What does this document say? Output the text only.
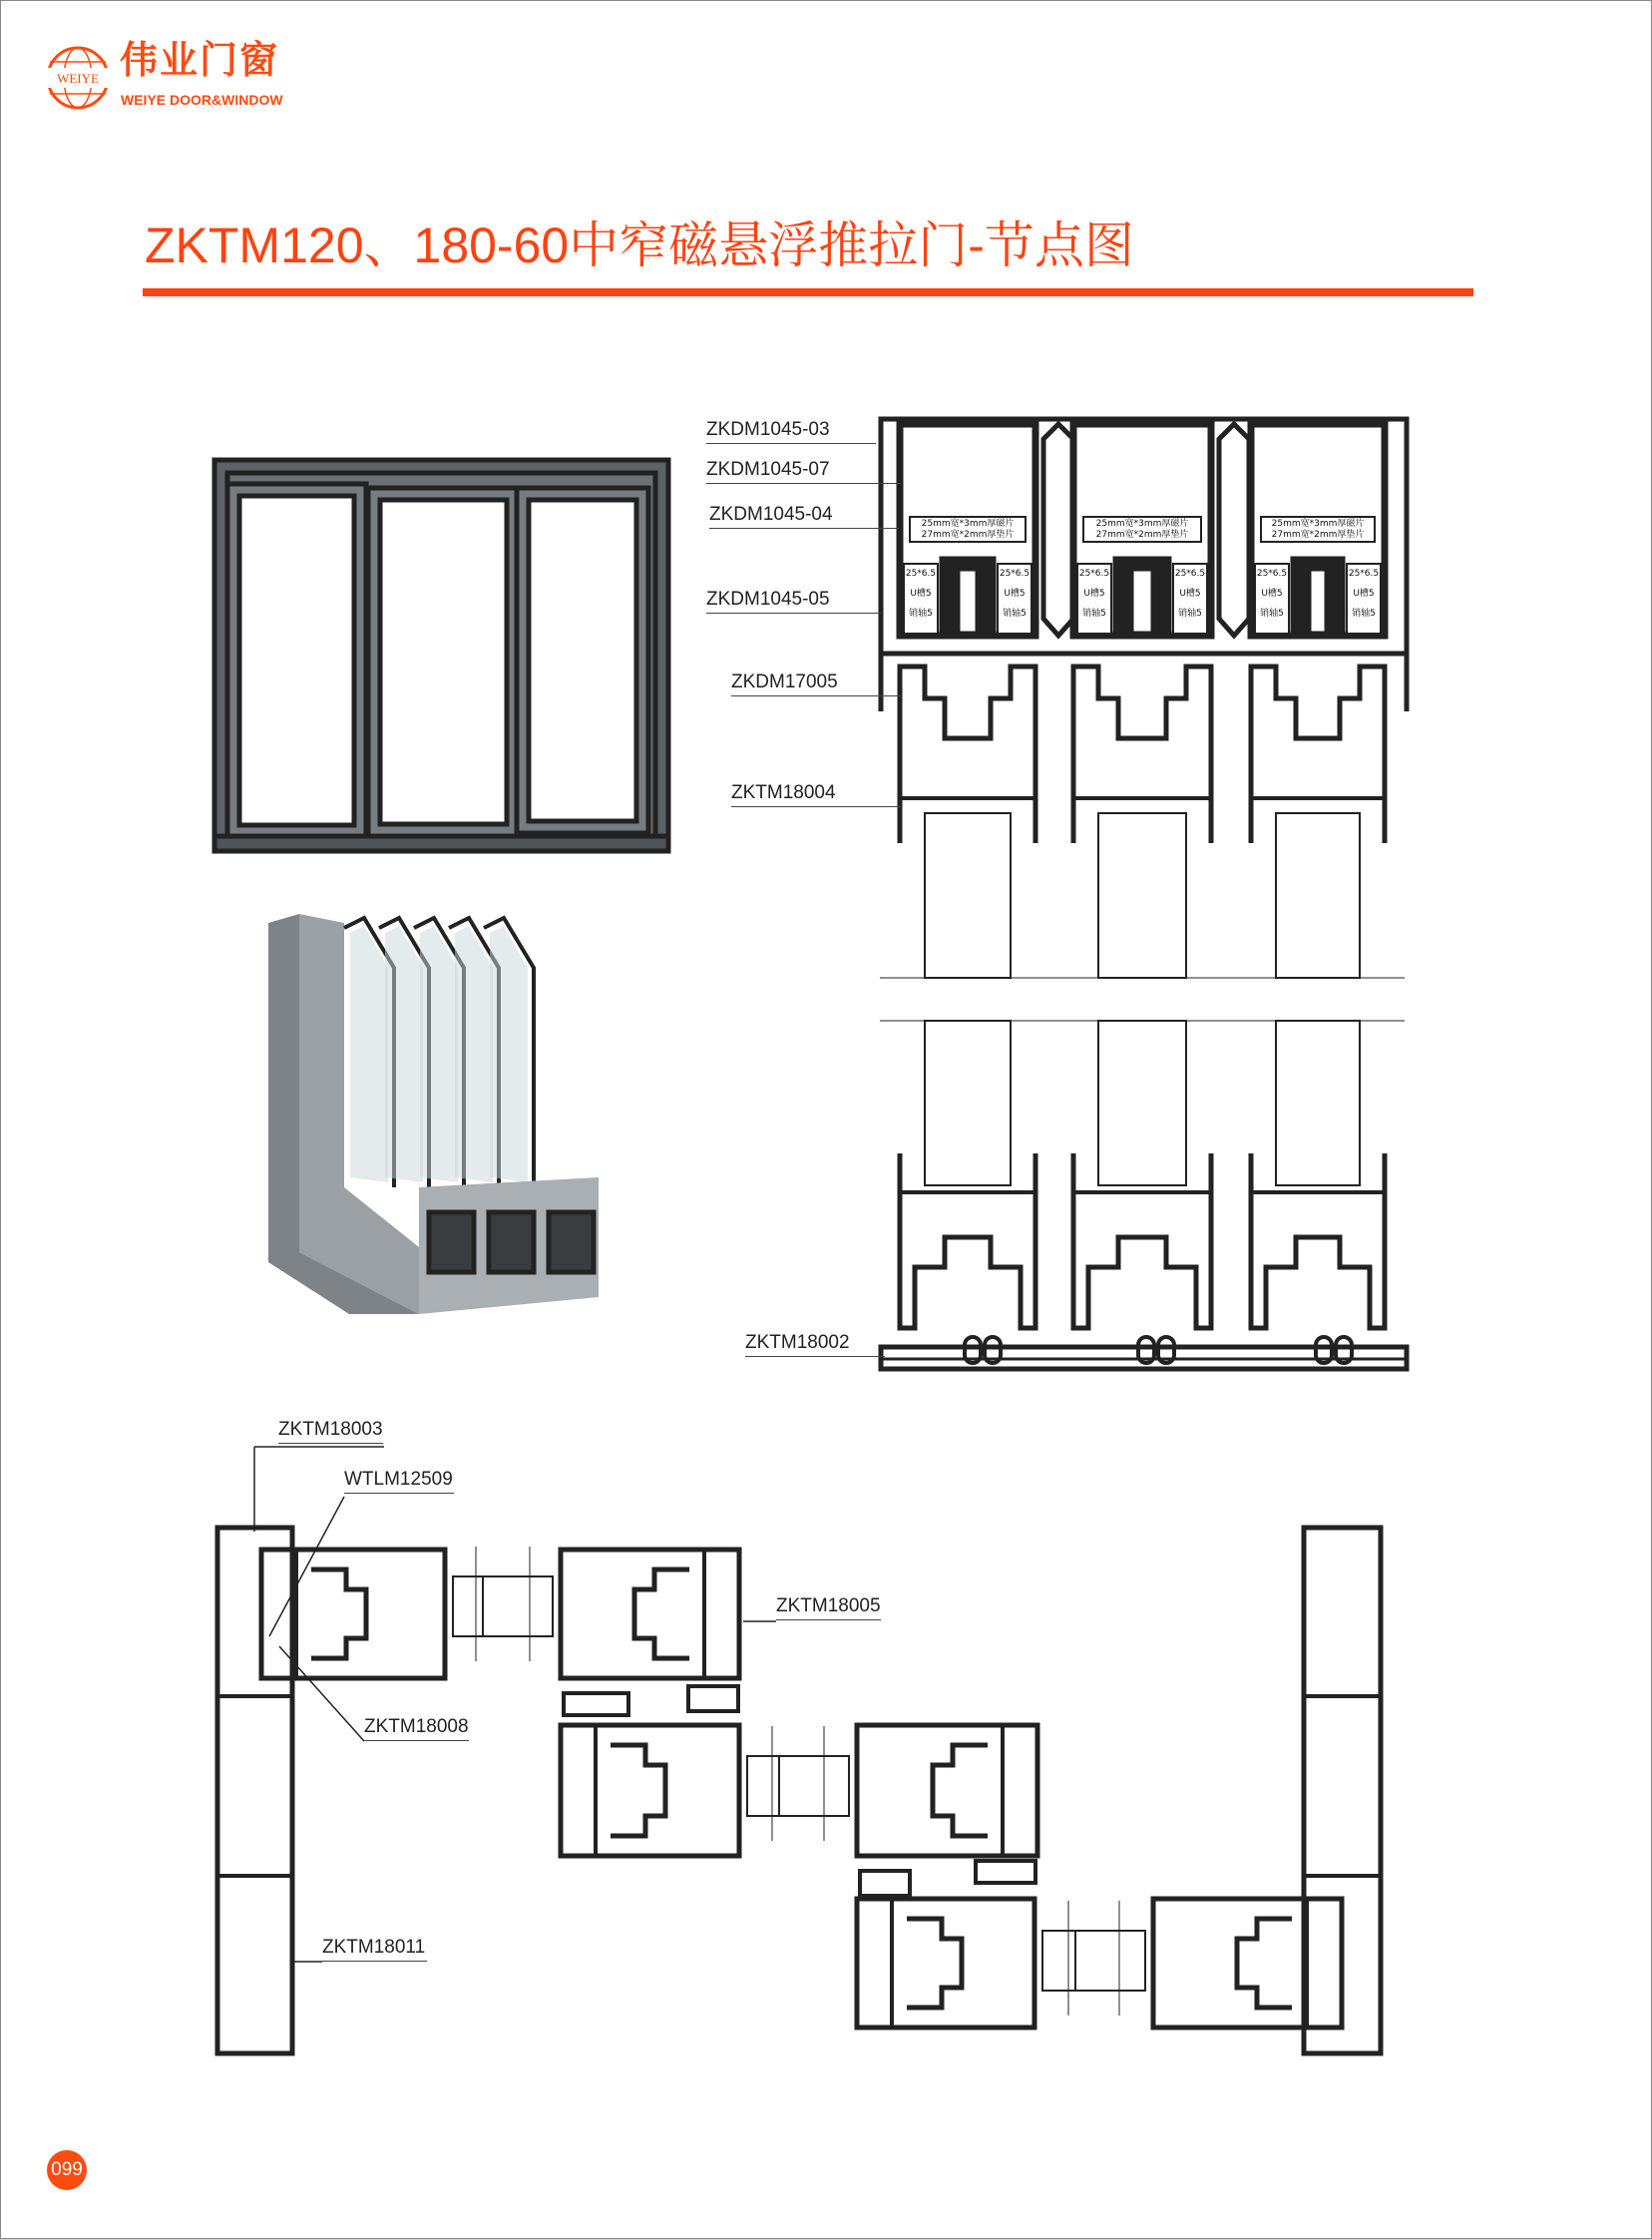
WEIYE 伟业门窗
WEIYE DOOR&WINDOW
ZKTM120、180-60中窄磁悬浮推拉门-节点图
25mm宽*3mm厚磁片
27mm宽*2mm厚垫片
25*6.5
U槽5
销轴5
25*6.5
U槽5
销轴5
25mm宽*3mm厚磁片
27mm宽*2mm厚垫片
25*6.5
U槽5
销轴5
25*6.5
U槽5
销轴5
25mm宽*3mm厚磁片
27mm宽*2mm厚垫片
25*6.5
U槽5
销轴5
25*6.5
U槽5
销轴5
ZKDM1045-03
ZKDM1045-07
ZKDM1045-04
ZKDM1045-05
ZKDM17005
ZKTM18004
ZKTM18002
ZKTM18003
WTLM12509
ZKTM18008
ZKTM18011
ZKTM18005
099
